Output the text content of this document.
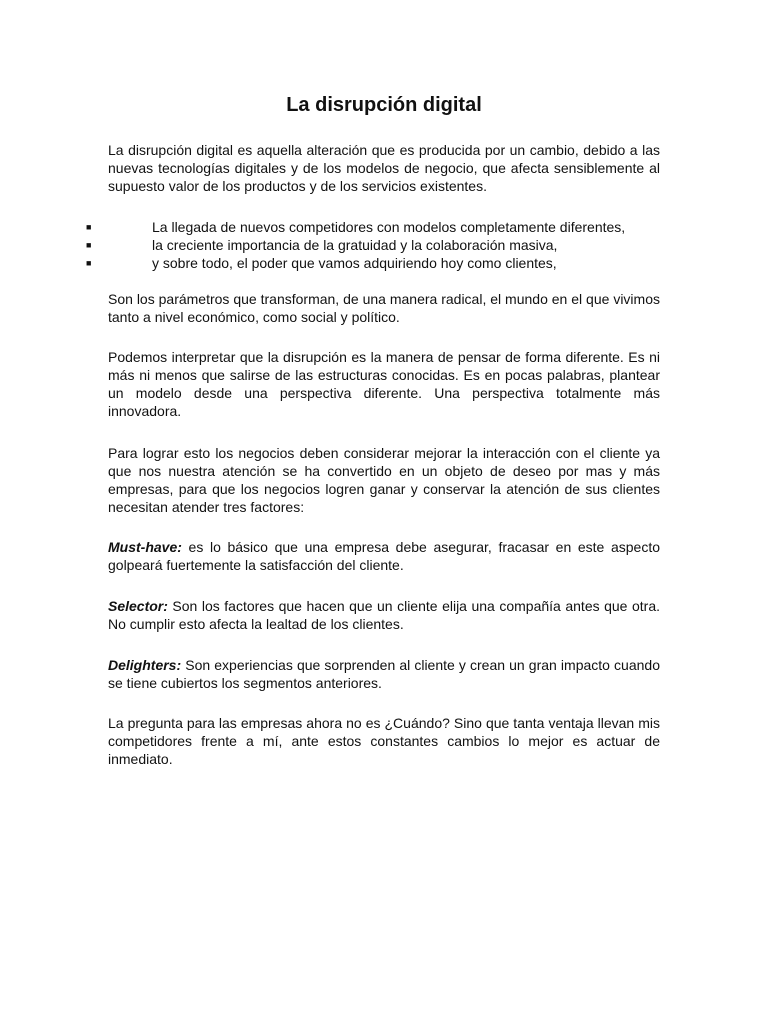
La disrupción digital

La disrupción digital es aquella alteración que es producida por un cambio, debido a las nuevas tecnologías digitales y de los modelos de negocio, que afecta sensiblemente al supuesto valor de los productos y de los servicios existentes.

■	La llegada de nuevos competidores con modelos completamente diferentes,
■	la creciente importancia de la gratuidad y la colaboración masiva,
■	y sobre todo, el poder que vamos adquiriendo hoy como clientes,

Son los parámetros que transforman, de una manera radical, el mundo en el que vivimos tanto a nivel económico, como social y político.

Podemos interpretar que la disrupción es la manera de pensar de forma diferente. Es ni más ni menos que salirse de las estructuras conocidas. Es en pocas palabras, plantear un modelo desde una perspectiva diferente. Una perspectiva totalmente más innovadora.

Para lograr esto los negocios deben considerar mejorar la interacción con el cliente ya que nos nuestra atención se ha convertido en un objeto de deseo por mas y más empresas, para que los negocios logren ganar y conservar la atención de sus clientes necesitan atender tres factores:

Must-have: es lo básico que una empresa debe asegurar, fracasar en este aspecto golpeará fuertemente la satisfacción del cliente.

Selector: Son los factores que hacen que un cliente elija una compañía antes que otra. No cumplir esto afecta la lealtad de los clientes.

Delighters: Son experiencias que sorprenden al cliente y crean un gran impacto cuando se tiene cubiertos los segmentos anteriores.

La pregunta para las empresas ahora no es ¿Cuándo? Sino que tanta ventaja llevan mis competidores frente a mí, ante estos constantes cambios lo mejor es actuar de inmediato.
